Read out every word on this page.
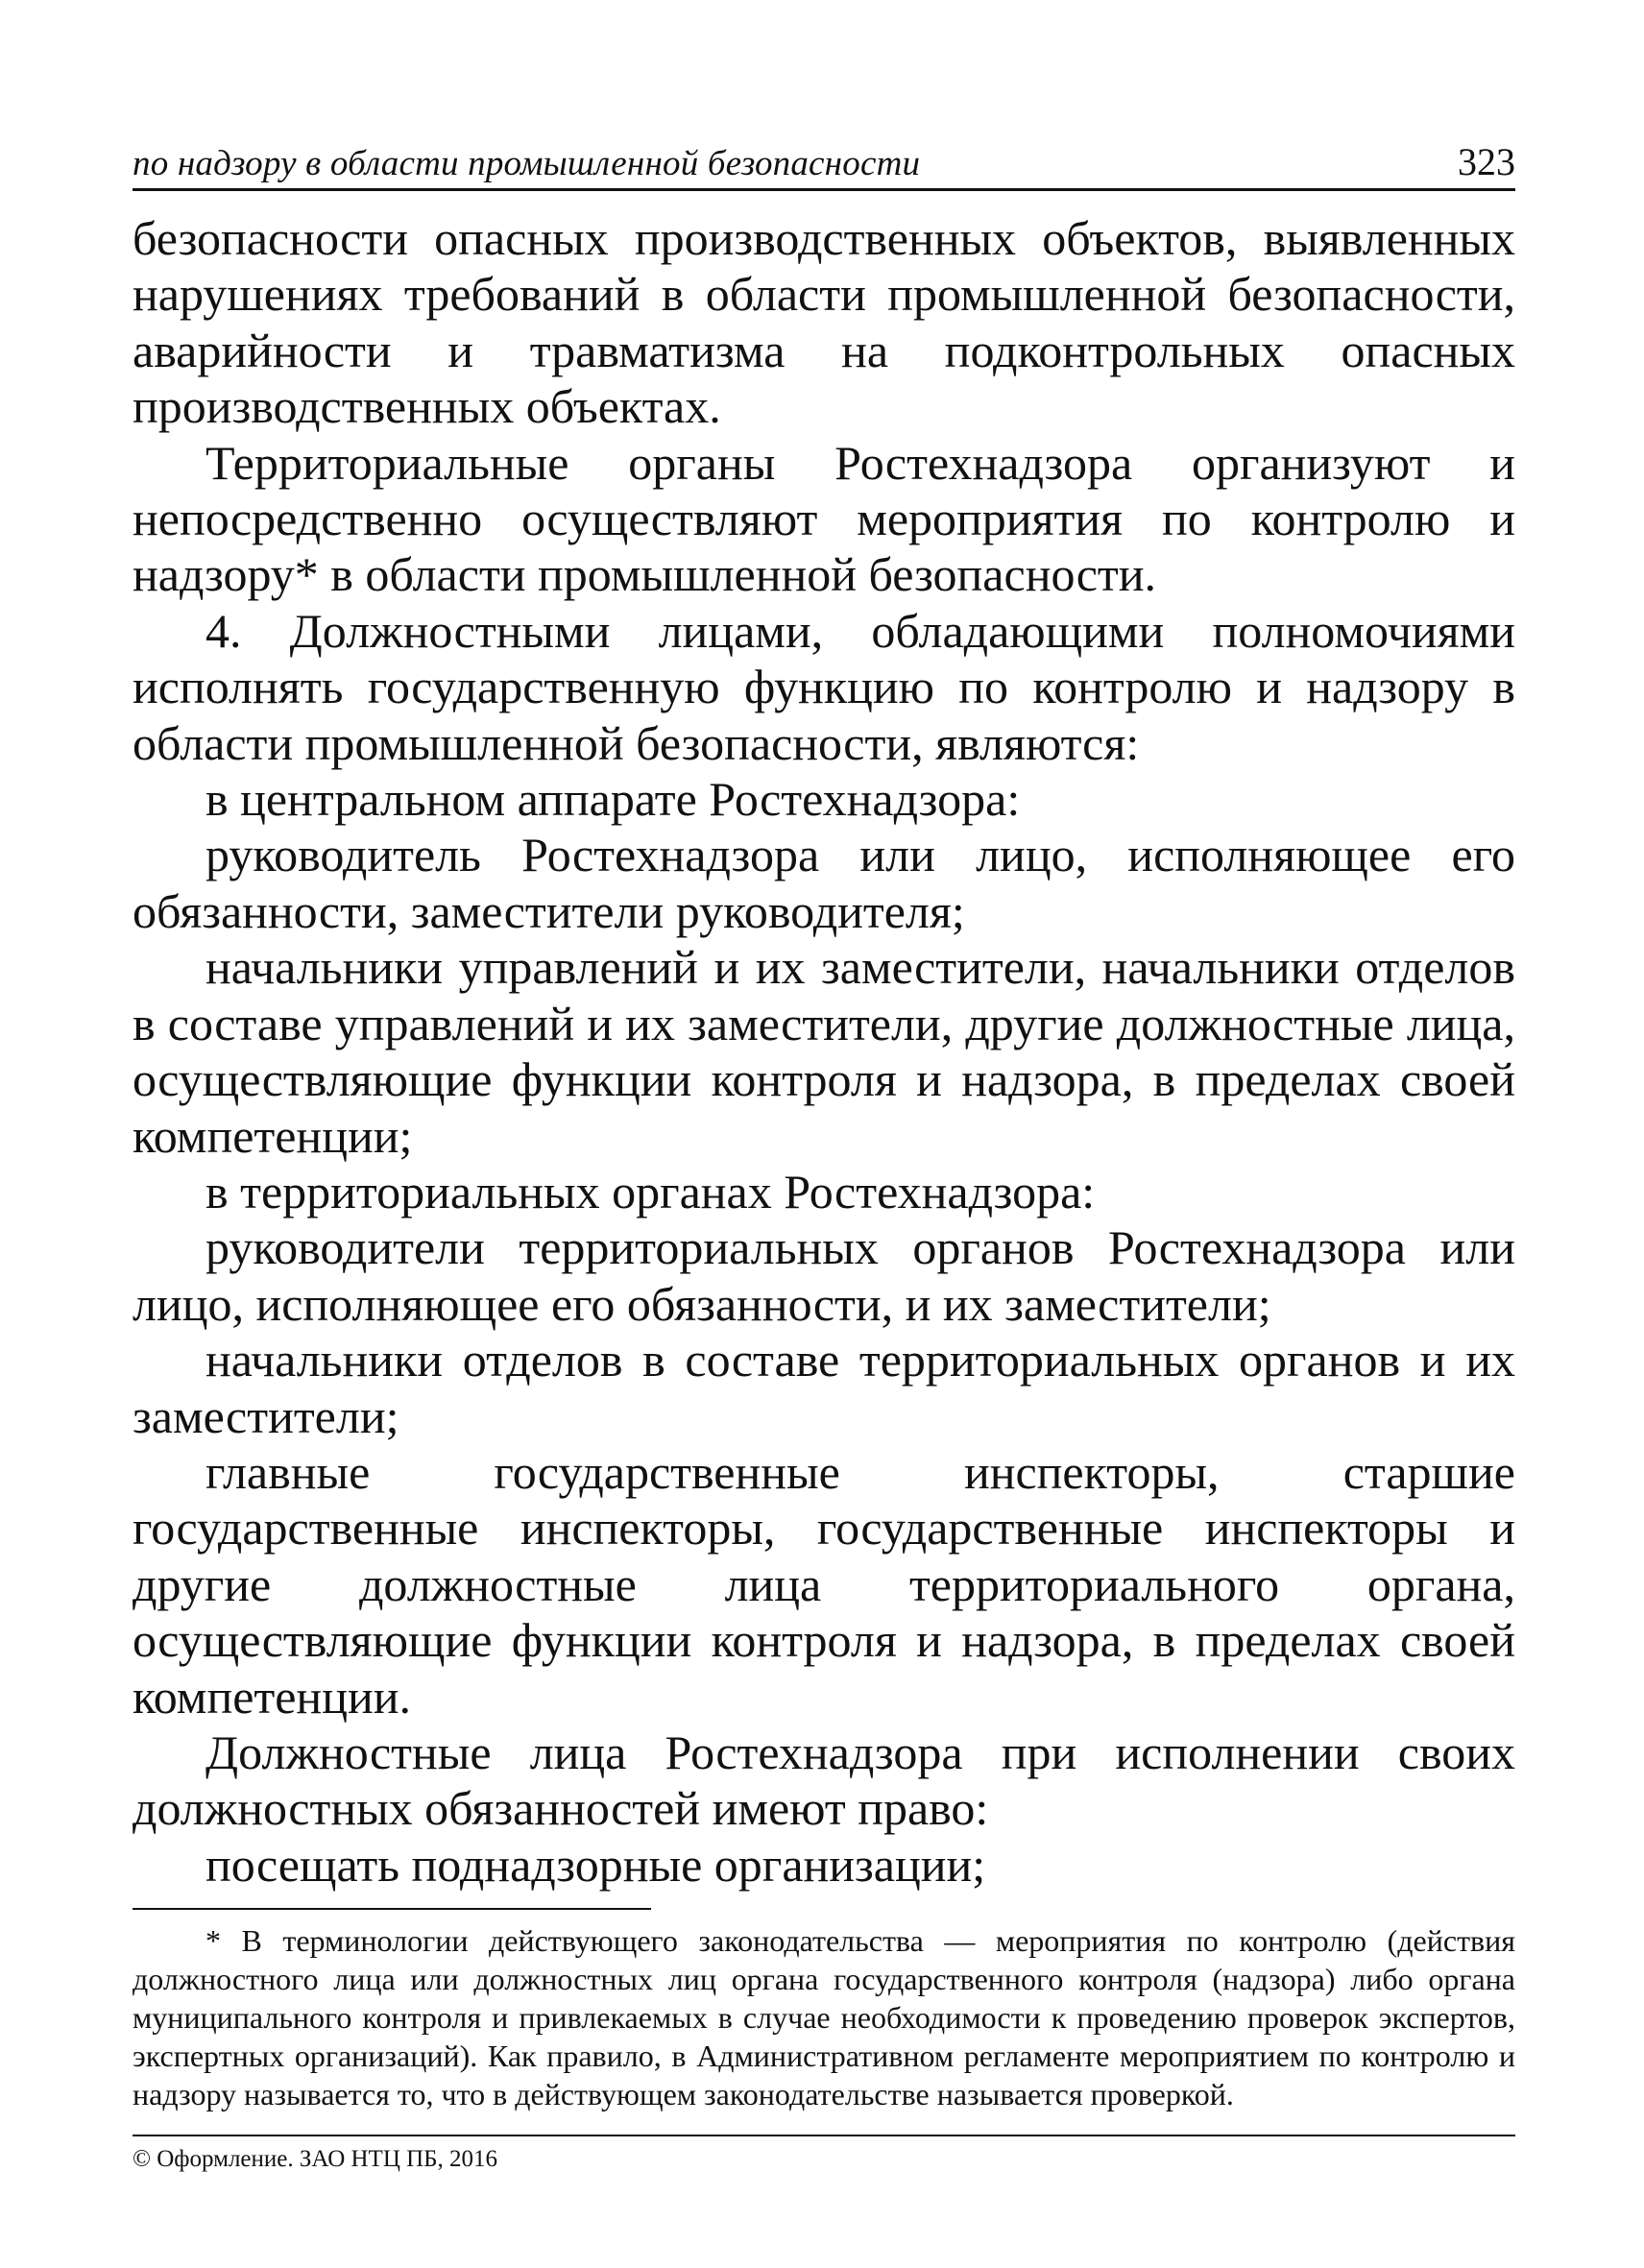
по надзору в области промышленной безопасности	323

безопасности опасных производственных объектов, выявленных нарушениях требований в области промышленной безопасности, аварийности и травматизма на подконтрольных опасных производственных объектах.

Территориальные органы Ростехнадзора организуют и непосредственно осуществляют мероприятия по контролю и надзору* в области промышленной безопасности.

4. Должностными лицами, обладающими полномочиями исполнять государственную функцию по контролю и надзору в области промышленной безопасности, являются:

в центральном аппарате Ростехнадзора:

руководитель Ростехнадзора или лицо, исполняющее его обязанности, заместители руководителя;

начальники управлений и их заместители, начальники отделов в составе управлений и их заместители, другие должностные лица, осуществляющие функции контроля и надзора, в пределах своей компетенции;

в территориальных органах Ростехнадзора:

руководители территориальных органов Ростехнадзора или лицо, исполняющее его обязанности, и их заместители;

начальники отделов в составе территориальных органов и их заместители;

главные государственные инспекторы, старшие государственные инспекторы, государственные инспекторы и другие должностные лица территориального органа, осуществляющие функции контроля и надзора, в пределах своей компетенции.

Должностные лица Ростехнадзора при исполнении своих должностных обязанностей имеют право:

посещать поднадзорные организации;

* В терминологии действующего законодательства — мероприятия по контролю (действия должностного лица или должностных лиц органа государственного контроля (надзора) либо органа муниципального контроля и привлекаемых в случае необходимости к проведению проверок экспертов, экспертных организаций). Как правило, в Административном регламенте мероприятием по контролю и надзору называется то, что в действующем законодательстве называется проверкой.
© Оформление. ЗАО НТЦ ПБ, 2016
